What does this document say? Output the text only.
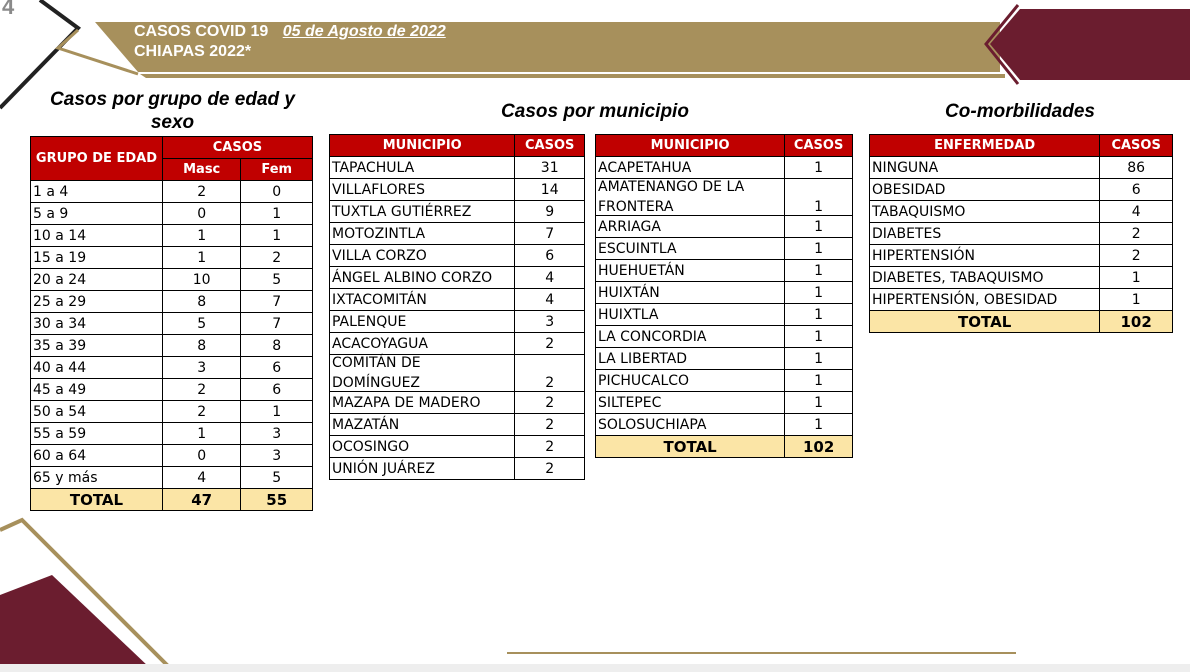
4
CASOS COVID 19 05 de Agosto de 2022
CHIAPAS 2022*
Casos por grupo de edad y sexo
Casos por municipio	Co-morbilidades
GRUPO DE EDAD	CASOS	
	Masc	Fem
1 a 4	2	0
5 a 9	0	1
10 a 14	1	1
15 a 19	1	2
20 a 24	10	5
25 a 29	8	7
30 a 34	5	7
35 a 39	8	8
40 a 44	3	6
45 a 49	2	6
50 a 54	2	1
55 a 59	1	3
60 a 64	0	3
65 y más	4	5
TOTAL	47	55
MUNICIPIO	CASOS
TAPACHULA	31
VILLAFLORES	14
TUXTLA GUTIÉRREZ	9
MOTOZINTLA	7
VILLA CORZO	6
ÁNGEL ALBINO CORZO	4
IXTACOMITÁN	4
PALENQUE	3
ACACOYAGUA	2

COMITÁN DE
DOMÍNGUEZ	2
MAZAPA DE MADERO	2
MAZATÁN	2
OCOSINGO	2
UNIÓN JUÁREZ	2
MUNICIPIO	CASOS
ACAPETAHUA	1

AMATENANGO DE LA
FRONTERA	1
ARRIAGA	1
ESCUINTLA	1
HUEHUETÁN	1
HUIXTÁN	1
HUIXTLA	1
LA CONCORDIA	1
LA LIBERTAD	1
PICHUCALCO	1
SILTEPEC	1
SOLOSUCHIAPA	1
TOTAL	102
ENFERMEDAD	CASOS
NINGUNA	86
OBESIDAD	6
TABAQUISMO	4
DIABETES	2
HIPERTENSIÓN	2
DIABETES, TABAQUISMO	1
HIPERTENSIÓN, OBESIDAD	1
TOTAL	102
